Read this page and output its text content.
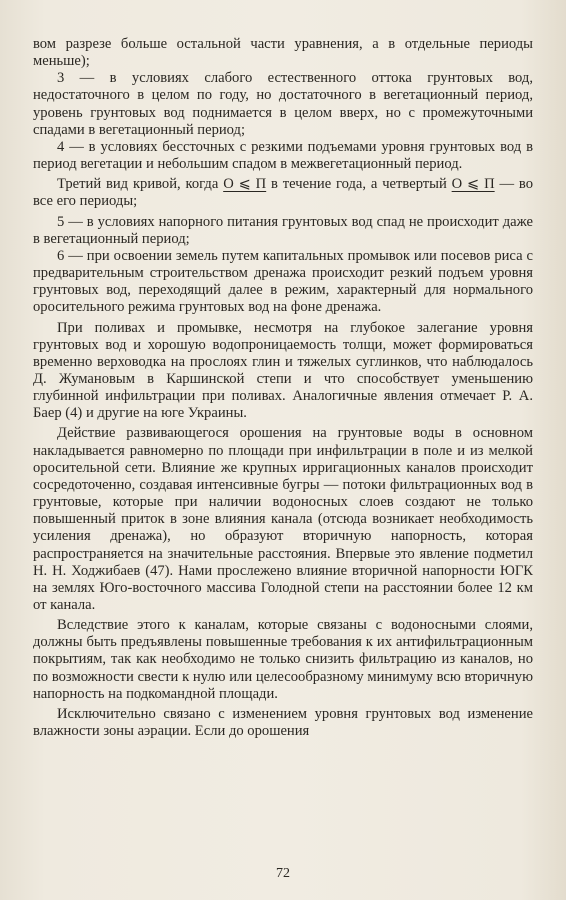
вом разрезе больше остальной части уравнения, а в отдельные периоды меньше);

3 — в условиях слабого естественного оттока грунтовых вод, недостаточного в целом по году, но достаточного в вегетационный период, уровень грунтовых вод поднимается в целом вверх, но с промежуточными спадами в вегетационный период;

4 — в условиях бессточных с резкими подъемами уровня грунтовых вод в период вегетации и небольшим спадом в межвегетационный период.

Третий вид кривой, когда O ⩽ П в течение года, а четвертый O ⩽ П — во все его периоды;

5 — в условиях напорного питания грунтовых вод спад не происходит даже в вегетационный период;

6 — при освоении земель путем капитальных промывок или посевов риса с предварительным строительством дренажа происходит резкий подъем уровня грунтовых вод, переходящий далее в режим, характерный для нормального оросительного режима грунтовых вод на фоне дренажа.

При поливах и промывке, несмотря на глубокое залегание уровня грунтовых вод и хорошую водопроницаемость толщи, может формироваться временно верховодка на прослоях глин и тяжелых суглинков, что наблюдалось Д. Жумановым в Каршинской степи и что способствует уменьшению глубинной инфильтрации при поливах. Аналогичные явления отмечает Р. А. Баер (4) и другие на юге Украины.

Действие развивающегося орошения на грунтовые воды в основном накладывается равномерно по площади при инфильтрации в поле и из мелкой оросительной сети. Влияние же крупных ирригационных каналов происходит сосредоточенно, создавая интенсивные бугры — потоки фильтрационных вод в грунтовые, которые при наличии водоносных слоев создают не только повышенный приток в зоне влияния канала (отсюда возникает необходимость усиления дренажа), но образуют вторичную напорность, которая распространяется на значительные расстояния. Впервые это явление подметил Н. Н. Ходжибаев (47). Нами прослежено влияние вторичной напорности ЮГК на землях Юго-восточного массива Голодной степи на расстоянии более 12 км от канала.

Вследствие этого к каналам, которые связаны с водоносными слоями, должны быть предъявлены повышенные требования к их антифильтрационным покрытиям, так как необходимо не только снизить фильтрацию из каналов, но по возможности свести к нулю или целесообразному минимуму всю вторичную напорность на подкомандной площади.

Исключительно связано с изменением уровня грунтовых вод изменение влажности зоны аэрации. Если до орошения

72
